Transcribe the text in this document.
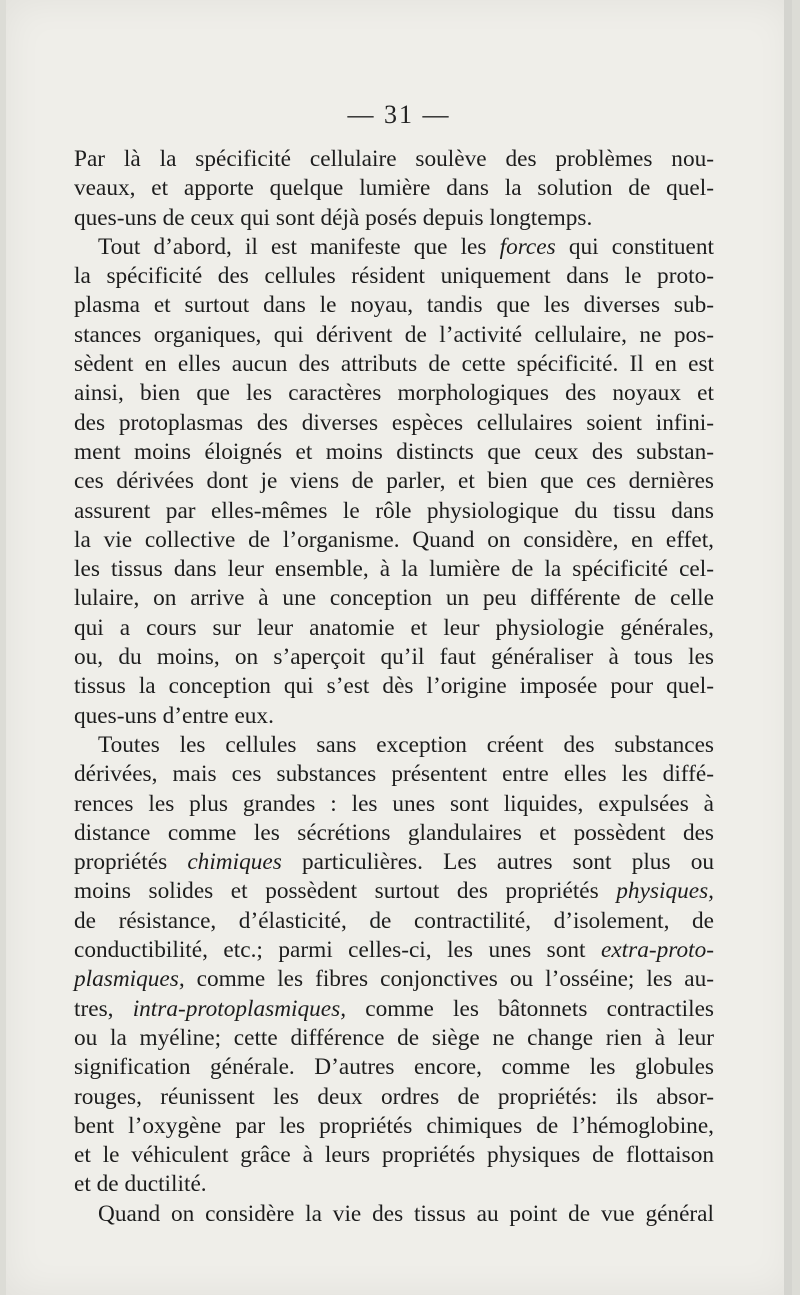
— 31 —
Par là la spécificité cellulaire soulève des problèmes nou-
veaux, et apporte quelque lumière dans la solution de quel-
ques-uns de ceux qui sont déjà posés depuis longtemps.
Tout d’abord, il est manifeste que les forces qui constituent
la spécificité des cellules résident uniquement dans le proto-
plasma et surtout dans le noyau, tandis que les diverses sub-
stances organiques, qui dérivent de l’activité cellulaire, ne pos-
sèdent en elles aucun des attributs de cette spécificité. Il en est
ainsi, bien que les caractères morphologiques des noyaux et
des protoplasmas des diverses espèces cellulaires soient infini-
ment moins éloignés et moins distincts que ceux des substan-
ces dérivées dont je viens de parler, et bien que ces dernières
assurent par elles-mêmes le rôle physiologique du tissu dans
la vie collective de l’organisme. Quand on considère, en effet,
les tissus dans leur ensemble, à la lumière de la spécificité cel-
lulaire, on arrive à une conception un peu différente de celle
qui a cours sur leur anatomie et leur physiologie générales,
ou, du moins, on s’aperçoit qu’il faut généraliser à tous les
tissus la conception qui s’est dès l’origine imposée pour quel-
ques-uns d’entre eux.
Toutes les cellules sans exception créent des substances
dérivées, mais ces substances présentent entre elles les diffé-
rences les plus grandes : les unes sont liquides, expulsées à
distance comme les sécrétions glandulaires et possèdent des
propriétés chimiques particulières. Les autres sont plus ou
moins solides et possèdent surtout des propriétés physiques,
de résistance, d’élasticité, de contractilité, d’isolement, de
conductibilité, etc.; parmi celles-ci, les unes sont extra-proto-
plasmiques, comme les fibres conjonctives ou l’osséine; les au-
tres, intra-protoplasmiques, comme les bâtonnets contractiles
ou la myéline; cette différence de siège ne change rien à leur
signification générale. D’autres encore, comme les globules
rouges, réunissent les deux ordres de propriétés: ils absor-
bent l’oxygène par les propriétés chimiques de l’hémoglobine,
et le véhiculent grâce à leurs propriétés physiques de flottaison
et de ductilité.
Quand on considère la vie des tissus au point de vue général
